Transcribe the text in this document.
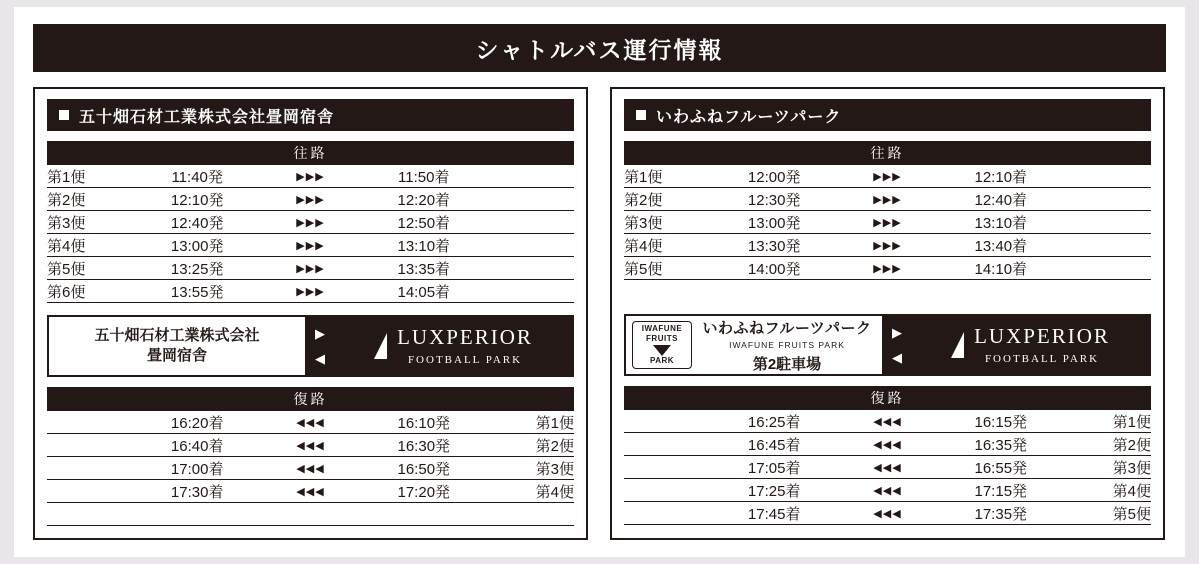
シャトルバス運行情報
五十畑石材工業株式会社畳岡宿舎
往路
第1便	11:40発	▶▶▶	11:50着	
第2便	12:10発	▶▶▶	12:20着	
第3便	12:40発	▶▶▶	12:50着	
第4便	13:00発	▶▶▶	13:10着	
第5便	13:25発	▶▶▶	13:35着	
第6便	13:55発	▶▶▶	14:05着	
五十畑石材工業株式会社
畳岡宿舎
▶
◀
LUXPERIOR
FOOTBALL PARK
復路
	16:20着	◀◀◀	16:10発	第1便
	16:40着	◀◀◀	16:30発	第2便
	17:00着	◀◀◀	16:50発	第3便
	17:30着	◀◀◀	17:20発	第4便

いわふねフルーツパーク
往路
第1便	12:00発	▶▶▶	12:10着	
第2便	12:30発	▶▶▶	12:40着	
第3便	13:00発	▶▶▶	13:10着	
第4便	13:30発	▶▶▶	13:40着	
第5便	14:00発	▶▶▶	14:10着	

IWAFUNE
FRUITS
PARK
いわふねフルーツパーク
IWAFUNE FRUITS PARK
第2駐車場
▶
◀
LUXPERIOR
FOOTBALL PARK
復路
	16:25着	◀◀◀	16:15発	第1便
	16:45着	◀◀◀	16:35発	第2便
	17:05着	◀◀◀	16:55発	第3便
	17:25着	◀◀◀	17:15発	第4便
	17:45着	◀◀◀	17:35発	第5便
